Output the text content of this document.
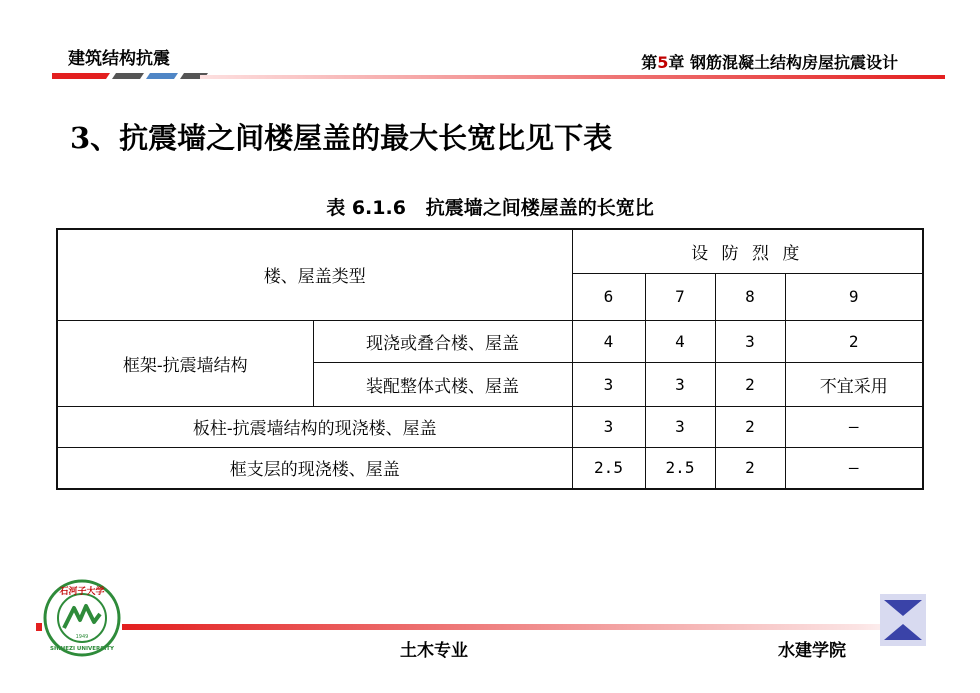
建筑结构抗震	第5章 钢筋混凝土结构房屋抗震设计
3、抗震墙之间楼屋盖的最大长宽比见下表
表 6.1.6   抗震墙之间楼屋盖的长宽比
楼、屋盖类型		设 防 烈 度			
		6	7	8	9
框架-抗震墙结构	现浇或叠合楼、屋盖	4	4	3	2
	装配整体式楼、屋盖	3	3	2	不宜采用
板柱-抗震墙结构的现浇楼、屋盖		3	3	2	—
框支层的现浇楼、屋盖		2.5	2.5	2	—
石河子大学
1949
SHIHEZI UNIVERSITY	土木专业	水建学院
